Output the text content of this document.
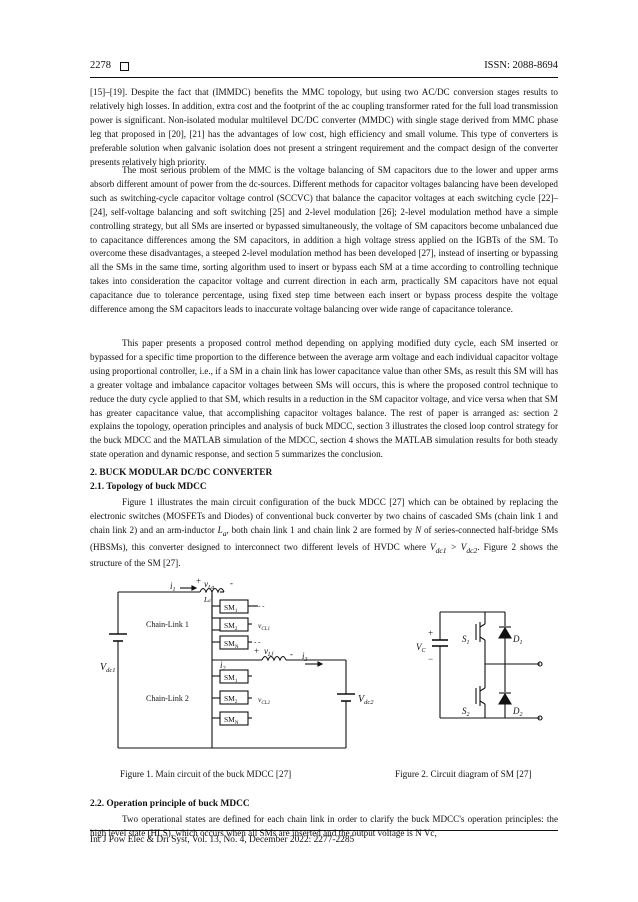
2278	ISSN: 2088-8694

[15]–[19]. Despite the fact that (IMMDC) benefits the MMC topology, but using two AC/DC conversion stages results to relatively high losses. In addition, extra cost and the footprint of the ac coupling transformer rated for the full load transmission power is significant. Non-isolated modular multilevel DC/DC converter (MMDC) with single stage derived from MMC phase leg that proposed in [20], [21] has the advantages of low cost, high efficiency and small volume. This type of converters is preferable solution when galvanic isolation does not present a stringent requirement and the compact design of the converter presents relatively high priority.

The most serious problem of the MMC is the voltage balancing of SM capacitors due to the lower and upper arms absorb different amount of power from the dc-sources. Different methods for capacitor voltages balancing have been developed such as switching-cycle capacitor voltage control (SCCVC) that balance the capacitor voltages at each switching cycle [22]–[24], self-voltage balancing and soft switching [25] and 2-level modulation [26]; 2-level modulation method have a simple controlling strategy, but all SMs are inserted or bypassed simultaneously, the voltage of SM capacitors become unbalanced due to capacitance differences among the SM capacitors, in addition a high voltage stress applied on the IGBTs of the SM. To overcome these disadvantages, a steeped 2-level modulation method has been developed [27], instead of inserting or bypassing all the SMs in the same time, sorting algorithm used to insert or bypass each SM at a time according to controlling technique takes into consideration the capacitor voltage and current direction in each arm, practically SM capacitors have not equal capacitance due to tolerance percentage, using fixed step time between each insert or bypass process despite the voltage difference among the SM capacitors leads to inaccurate voltage balancing over wide range of capacitance tolerance.

This paper presents a proposed control method depending on applying modified duty cycle, each SM inserted or bypassed for a specific time proportion to the difference between the average arm voltage and each individual capacitor voltage using proportional controller, i.e., if a SM in a chain link has lower capacitance value than other SMs, as result this SM will has a greater voltage and imbalance capacitor voltages between SMs will occurs, this is where the proposed control technique to reduce the duty cycle applied to that SM, which results in a reduction in the SM capacitor voltage, and vice versa when that SM has greater capacitance value, that accomplishing capacitor voltages balance. The rest of paper is arranged as: section 2 explains the topology, operation principles and analysis of buck MDCC, section 3 illustrates the closed loop control strategy for the buck MDCC and the MATLAB simulation of the MDCC, section 4 shows the MATLAB simulation results for both steady state operation and dynamic response, and section 5 summarizes the conclusion.

2. BUCK MODULAR DC/DC CONVERTER
2.1. Topology of buck MDCC

Figure 1 illustrates the main circuit configuration of the buck MDCC [27] which can be obtained by replacing the electronic switches (MOSFETs and Diodes) of conventional buck converter by two chains of cascaded SMs (chain link 1 and chain link 2) and an arm-inductor $L_a$, both chain link 1 and chain link 2 are formed by N of series-connected half-bridge SMs (HBSMs), this converter designed to interconnect two different levels of HVDC where $V_{dc1} > V_{dc2}$. Figure 2 shows the structure of the SM [27].

$i_1$
+ $v_{La}$ -
La
$SM_1$
$SM_2$
$SM_N$
- - -
- - -
Chain-Link 1	$v_{CL1}$
+ $v_{Lf} - i_3$
$i_2$
$SM_1$
$SM_2$
$SM_N$
Chain-Link 2	$v_{CL2}$
$V_{dc1}$
$V_{dc2}$
+
$V_C$
−
$S_1$	$D_1$
$S_2$	$D_2$
Figure 1. Main circuit of the buck MDCC [27]	Figure 2. Circuit diagram of SM [27]
2.2. Operation principle of buck MDCC

Two operational states are defined for each chain link in order to clarify the buck MDCC's operation principles: the high level state (HLS), which occurs when all SMs are inserted and the output voltage is N Vc,

Int J Pow Elec & Dri Syst, Vol. 13, No. 4, December 2022: 2277-2285
